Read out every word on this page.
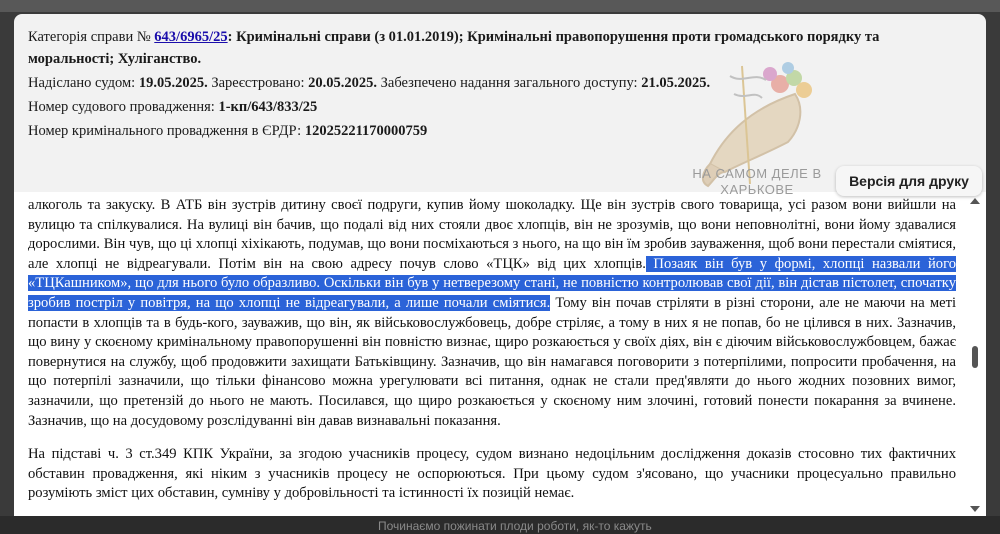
Категорія справи № 643/6965/25: Кримінальні справи (з 01.01.2019); Кримінальні правопорушення проти громадського порядку та моральності; Хуліганство.
Надіслано судом: 19.05.2025. Зареєстровано: 20.05.2025. Забезпечено надання загального доступу: 21.05.2025.
Номер судового провадження: 1-кп/643/833/25
Номер кримінального провадження в ЄРДР: 12025221170000759
НА САМОМ ДЕЛЕ В
ХАРЬКОВЕ
Версія для друку

алкоголь та закуску. В АТБ він зустрів дитину своєї подруги, купив йому шоколадку. Ще він зустрів свого товарища, усі разом вони вийшли на вулицю та спілкувалися. На вулиці він бачив, що подалі від них стояли двоє хлопців, він не зрозумів, що вони неповнолітні, вони йому здавалися дорослими. Він чув, що ці хлопці хіхікають, подумав, що вони посміхаються з нього, на що він їм зробив зауваження, щоб вони перестали сміятися, але хлопці не відреагували. Потім він на свою адресу почув слово «ТЦК» від цих хлопців. Позаяк він був у формі, хлопці назвали його «ТЦКашником», що для нього було образливо. Оскільки він був у нетверезому стані, не повністю контролював свої дії, він дістав пістолет, спочатку зробив постріл у повітря, на що хлопці не відреагували, а лише почали сміятися. Тому він почав стріляти в різні сторони, але не маючи на меті попасти в хлопців та в будь-кого, зауважив, що він, як військовослужбовець, добре стріляє, а тому в них я не попав, бо не цілився в них. Зазначив, що вину у скоєному кримінальному правопорушенні він повністю визнає, щиро розкаюється у своїх діях, він є діючим військовослужбовцем, бажає повернутися на службу, щоб продовжити захищати Батьківщину. Зазначив, що він намагався поговорити з потерпілими, попросити пробачення, на що потерпілі зазначили, що тільки фінансово можна урегулювати всі питання, однак не стали пред'являти до нього жодних позовних вимог, зазначили, що претензій до нього не мають. Посилався, що щиро розкаюється у скоєному ним злочині, готовий понести покарання за вчинене. Зазначив, що на досудовому розслідуванні він давав визнавальні показання.

На підставі ч. 3 ст.349 КПК України, за згодою учасників процесу, судом визнано недоцільним дослідження доказів стосовно тих фактичних обставин провадження, які ніким з учасників процесу не оспорюються. При цьому судом з'ясовано, що учасники процесуально правильно розуміють зміст цих обставин, сумніву у добровільності та істинності їх позицій немає.

Починаємо пожинати плоди роботи, як-то кажуть
